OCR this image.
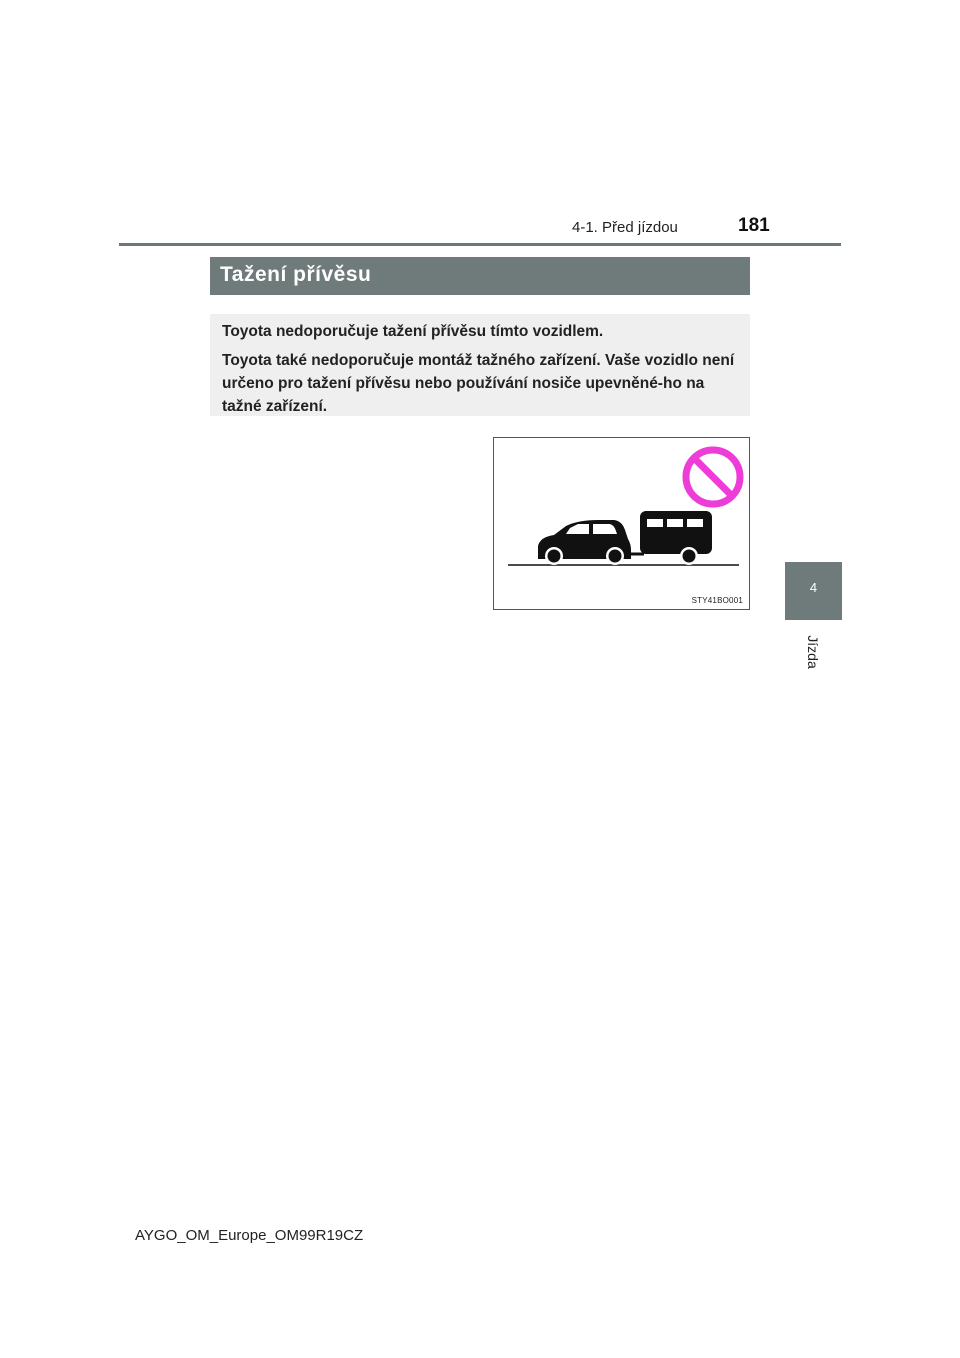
4-1. Před jízdou	181
Tažení přívěsu

Toyota nedoporučuje tažení přívěsu tímto vozidlem.

Toyota také nedoporučuje montáž tažného zařízení. Vaše vozidlo není určeno pro tažení přívěsu nebo používání nosiče upevněné-ho na tažné zařízení.

STY41BO001
4
Jízda
AYGO_OM_Europe_OM99R19CZ
